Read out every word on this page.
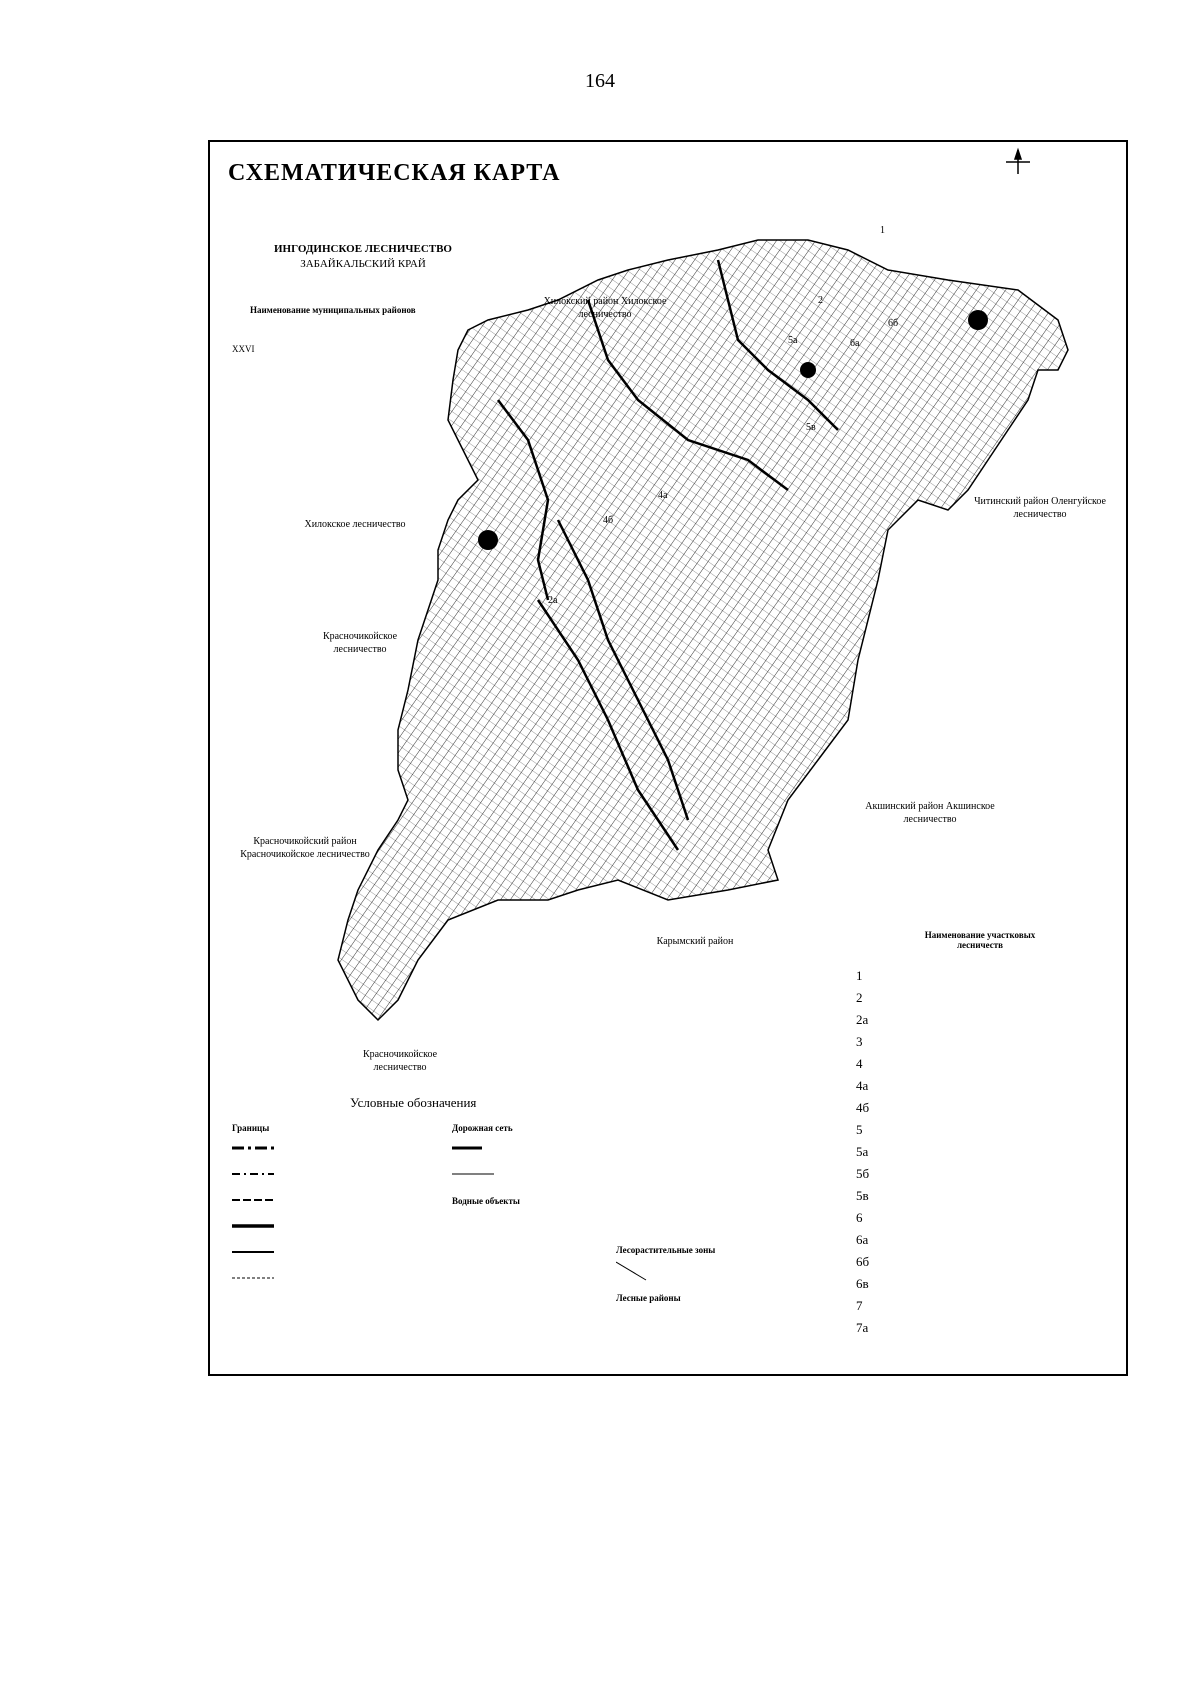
164
СХЕМАТИЧЕСКАЯ КАРТА
ИНГОДИНСКОЕ ЛЕСНИЧЕСТВО
ЗАБАЙКАЛЬСКИЙ КРАЙ
Хилокский район Хилокское лесничество
Читинский район Оленгуйское лесничество
Хилокское лесничество
Красночикойское лесничество
Акшинский район Акшинское лесничество
Красночикойский район Красночикойское лесничество
Карымский район
Красночикойское лесничество
Наименование муниципальных районов
XXVI
Условные обозначения
Границы	Дорожная сеть
Водные объекты
Лесорастительные зоны
Лесные районы
Наименование участковых лесничеств
1
2
2а
3
4
4а
4б
5
5а
5б
5в
6
6а
6б
6в
7
7а
1
2
5а	6а
6б
5в
4а
4б
2а
